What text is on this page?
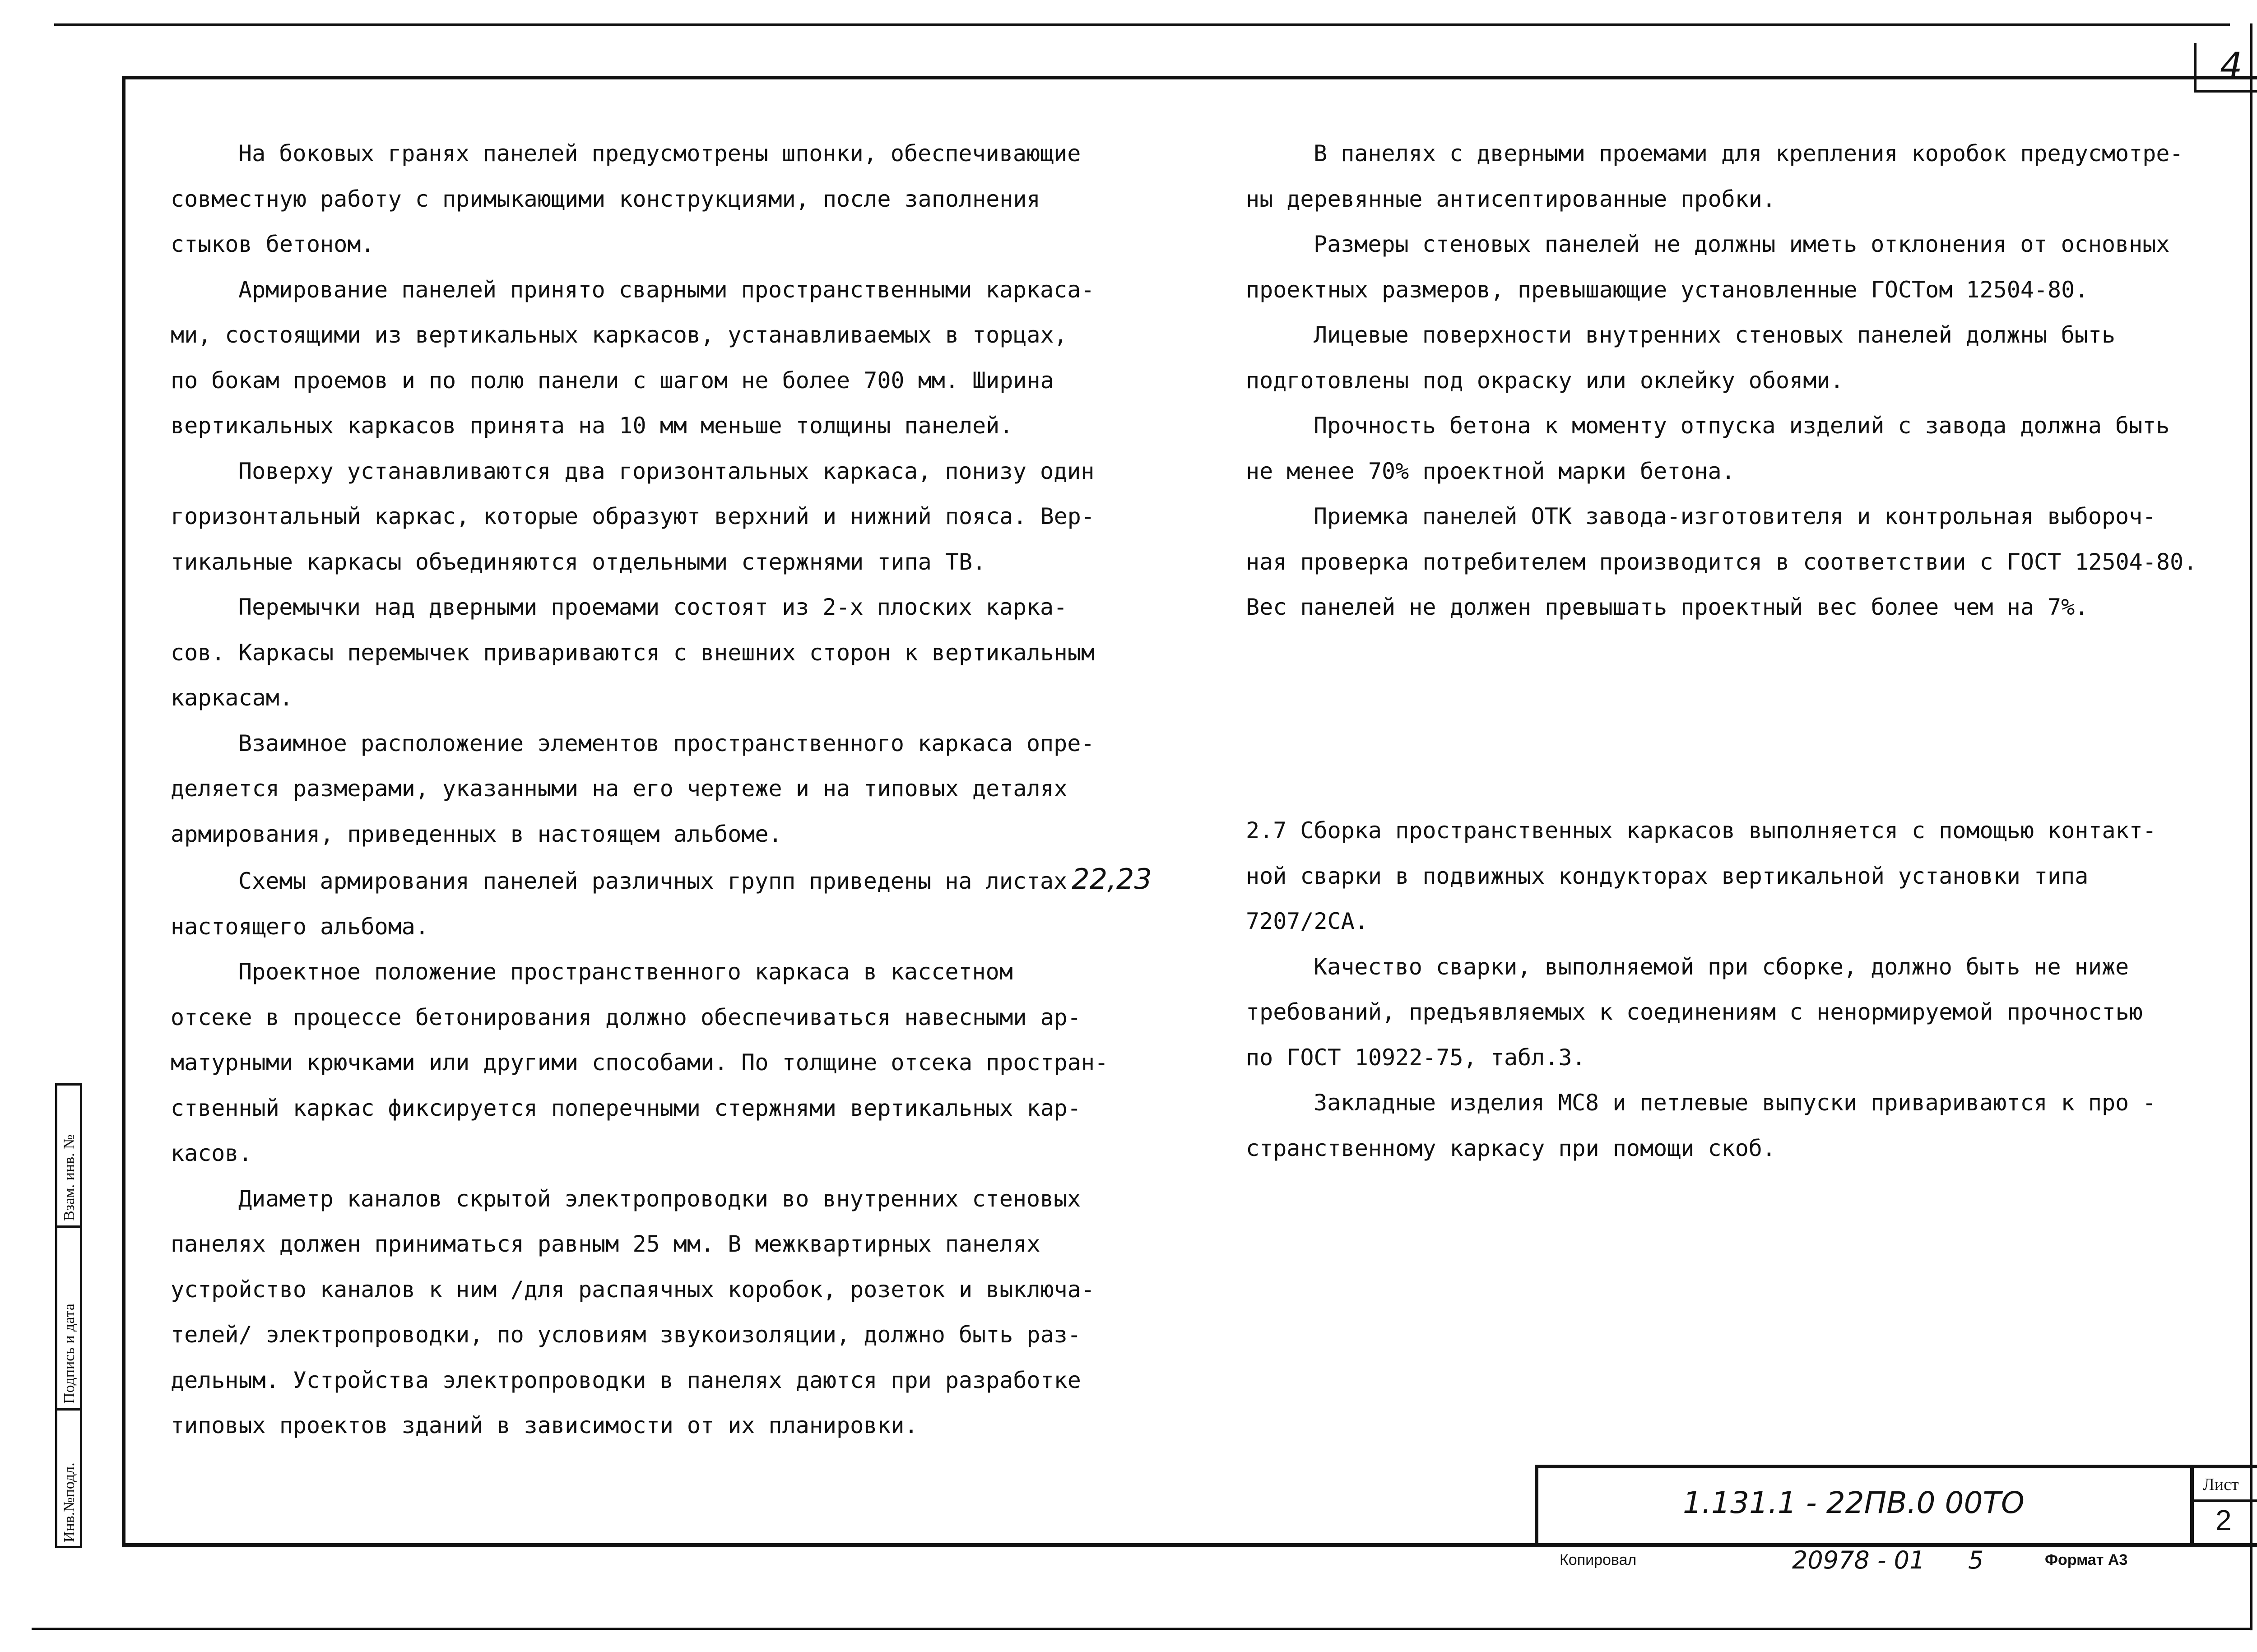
4

На боковых гранях панелей предусмотрены шпонки, обеспечивающие

совместную работу с примыкающими конструкциями, после заполнения

стыков бетоном.

Армирование панелей принято сварными пространственными каркаса-

ми, состоящими из вертикальных каркасов, устанавливаемых в торцах,

по бокам проемов и по полю панели с шагом не более 700 мм. Ширина

вертикальных каркасов принята на 10 мм меньше толщины панелей.

Поверху устанавливаются два горизонтальных каркаса, понизу один

горизонтальный каркас, которые образуют верхний и нижний пояса. Вер-

тикальные каркасы объединяются отдельными стержнями типа ТВ.

Перемычки над дверными проемами состоят из 2-х плоских карка-

сов. Каркасы перемычек привариваются с внешних сторон к вертикальным

каркасам.

Взаимное расположение элементов пространственного каркаса опре-

деляется размерами, указанными на его чертеже и на типовых деталях

армирования, приведенных в настоящем альбоме.

Схемы армирования панелей различных групп приведены на листах 22,23

настоящего альбома.

Проектное положение пространственного каркаса в кассетном

отсеке в процессе бетонирования должно обеспечиваться навесными ар-

матурными крючками или другими способами. По толщине отсека простран-

ственный каркас фиксируется поперечными стержнями вертикальных кар-

касов.

Диаметр каналов скрытой электропроводки во внутренних стеновых

панелях должен приниматься равным 25 мм. В межквартирных панелях

устройство каналов к ним /для распаячных коробок, розеток и выключа-

телей/ электропроводки, по условиям звукоизоляции, должно быть раз-

дельным. Устройства электропроводки в панелях даются при разработке

типовых проектов зданий в зависимости от их планировки.

В панелях с дверными проемами для крепления коробок предусмотре-

ны деревянные антисептированные пробки.

Размеры стеновых панелей не должны иметь отклонения от основных

проектных размеров, превышающие установленные ГОСТом 12504-80.

Лицевые поверхности внутренних стеновых панелей должны быть

подготовлены под окраску или оклейку обоями.

Прочность бетона к моменту отпуска изделий с завода должна быть

не менее 70% проектной марки бетона.

Приемка панелей ОТК завода-изготовителя и контрольная выбороч-

ная проверка потребителем производится в соответствии с ГОСТ 12504-80.

Вес панелей не должен превышать проектный вес более чем на 7%.

2.7 Сборка пространственных каркасов выполняется с помощью контакт-

ной сварки в подвижных кондукторах вертикальной установки типа

7207/2СА.

Качество сварки, выполняемой при сборке, должно быть не ниже

требований, предъявляемых к соединениям с ненормируемой прочностью

по ГОСТ 10922-75, табл.3.

Закладные изделия МС8 и петлевые выпуски привариваются к про -

странственному каркасу при помощи скоб.

Взам. инв. №
Подпись и дата
Инв.№подл.	1.131.1 - 22ПВ.0 00ТО
Лист
2
Копировал	20978 - 01 5	Формат А3
